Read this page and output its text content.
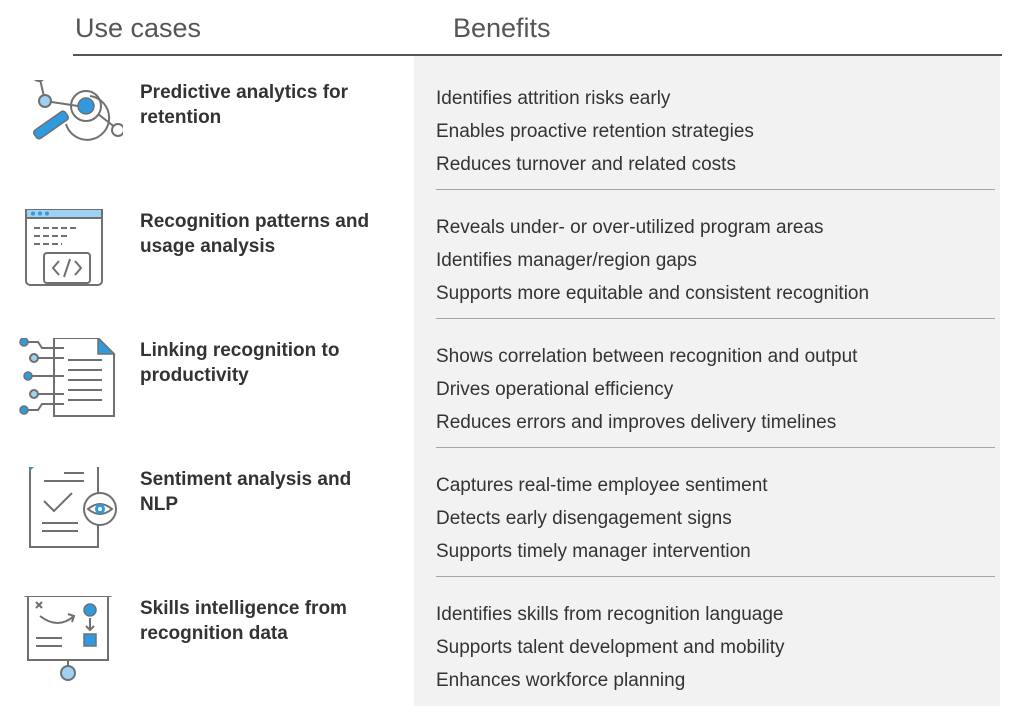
Use cases	Benefits
Predictive analytics for retention
Identifies attrition risks early
Enables proactive retention strategies
Reduces turnover and related costs
Recognition patterns and usage analysis
Reveals under- or over-utilized program areas
Identifies manager/region gaps
Supports more equitable and consistent recognition
Linking recognition to productivity
Shows correlation between recognition and output
Drives operational efficiency
Reduces errors and improves delivery timelines
Sentiment analysis and NLP
Captures real-time employee sentiment
Detects early disengagement signs
Supports timely manager intervention
Skills intelligence from recognition data
Identifies skills from recognition language
Supports talent development and mobility
Enhances workforce planning
